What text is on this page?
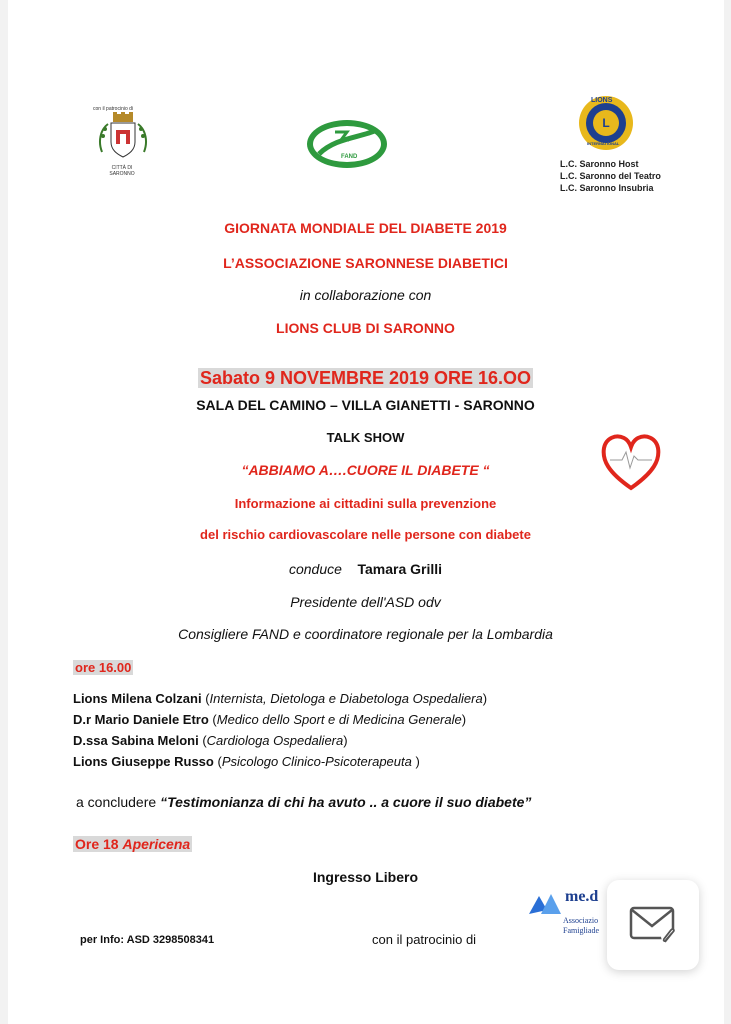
con il patrocinio di
CITTÀ DI
SARONNO
FAND
L
LIONS
INTERNATIONAL
L.C. Saronno Host
L.C. Saronno del Teatro
L.C. Saronno Insubria
GIORNATA MONDIALE DEL DIABETE 2019
L’ASSOCIAZIONE SARONNESE DIABETICI
in collaborazione con
LIONS CLUB DI SARONNO
Sabato 9 NOVEMBRE 2019 ORE 16.OO
SALA DEL CAMINO – VILLA GIANETTI - SARONNO
TALK SHOW
“ABBIAMO A….CUORE IL DIABETE “
Informazione ai cittadini sulla prevenzione
del rischio cardiovascolare nelle persone con diabete
conduce Tamara Grilli
Presidente dell'ASD odv
Consigliere FAND e coordinatore regionale per la Lombardia
ore 16.00
Lions Milena Colzani (Internista, Dietologa e Diabetologa Ospedaliera)
D.r Mario Daniele Etro (Medico dello Sport e di Medicina Generale)
D.ssa Sabina Meloni (Cardiologa Ospedaliera)
Lions Giuseppe Russo (Psicologo Clinico-Psicoterapeuta )
a concludere “Testimonianza di chi ha avuto .. a cuore il suo diabete”
Ore 18 Apericena
Ingresso Libero
per Info: ASD 3298508341	con il patrocinio di
me.d
Associazio
Famigliade
